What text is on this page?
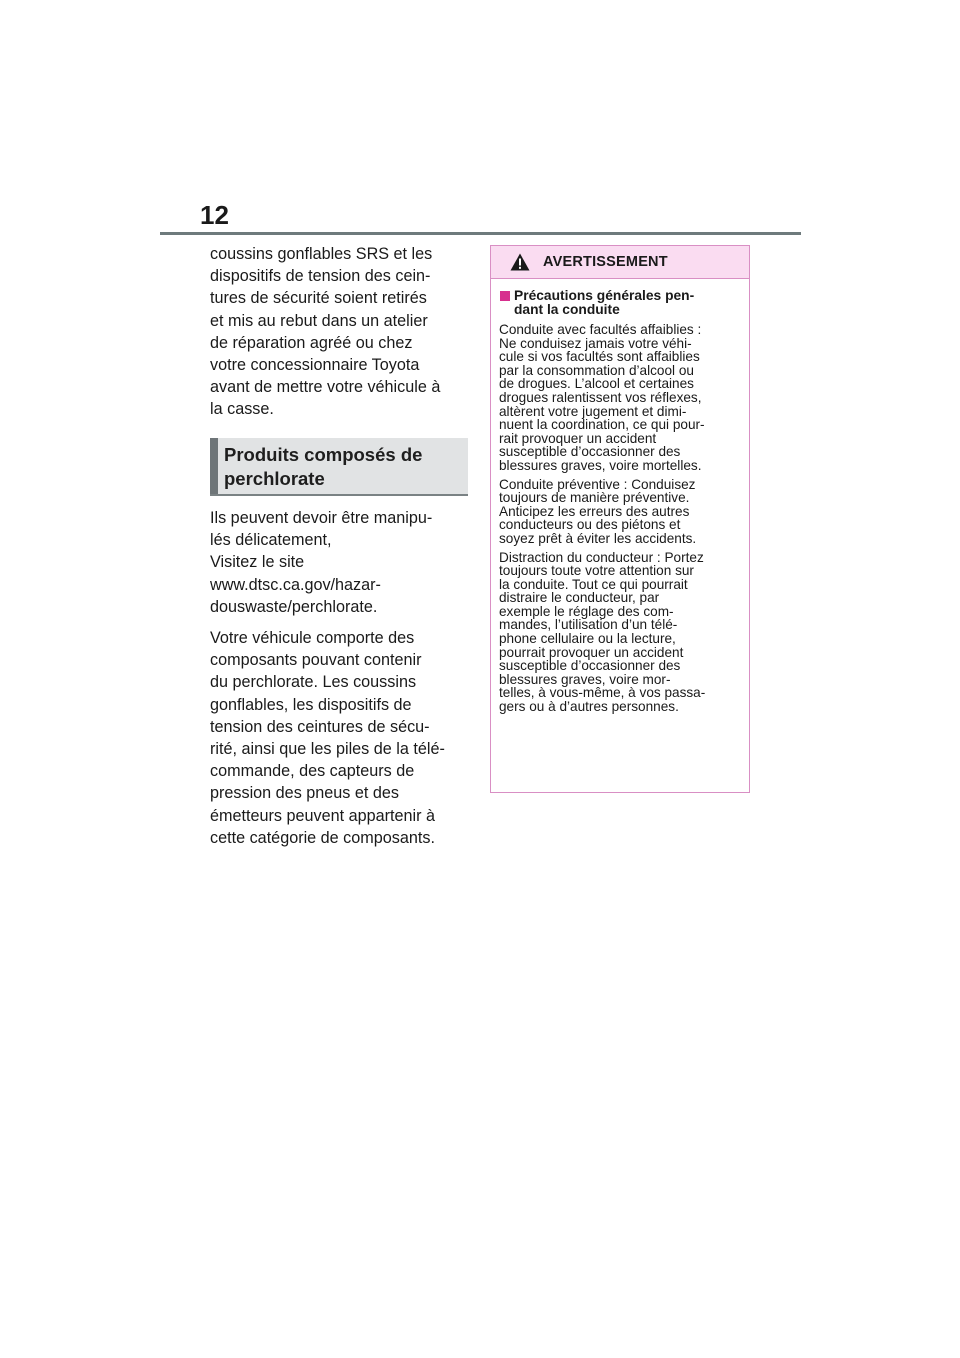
12

coussins gonflables SRS et les
dispositifs de tension des cein-
tures de sécurité soient retirés
et mis au rebut dans un atelier
de réparation agréé ou chez
votre concessionnaire Toyota
avant de mettre votre véhicule à
la casse.

Produits composés de
perchlorate

Ils peuvent devoir être manipu-
lés délicatement,
Visitez le site
www.dtsc.ca.gov/hazar-
douswaste/perchlorate.

Votre véhicule comporte des
composants pouvant contenir
du perchlorate. Les coussins
gonflables, les dispositifs de
tension des ceintures de sécu-
rité, ainsi que les piles de la télé-
commande, des capteurs de
pression des pneus et des
émetteurs peuvent appartenir à
cette catégorie de composants.

AVERTISSEMENT
Précautions générales pen-
dant la conduite

Conduite avec facultés affaiblies :
Ne conduisez jamais votre véhi-
cule si vos facultés sont affaiblies
par la consommation d’alcool ou
de drogues. L’alcool et certaines
drogues ralentissent vos réflexes,
altèrent votre jugement et dimi-
nuent la coordination, ce qui pour-
rait provoquer un accident
susceptible d’occasionner des
blessures graves, voire mortelles.

Conduite préventive : Conduisez
toujours de manière préventive.
Anticipez les erreurs des autres
conducteurs ou des piétons et
soyez prêt à éviter les accidents.

Distraction du conducteur : Portez
toujours toute votre attention sur
la conduite. Tout ce qui pourrait
distraire le conducteur, par
exemple le réglage des com-
mandes, l’utilisation d’un télé-
phone cellulaire ou la lecture,
pourrait provoquer un accident
susceptible d’occasionner des
blessures graves, voire mor-
telles, à vous-même, à vos passa-
gers ou à d’autres personnes.
